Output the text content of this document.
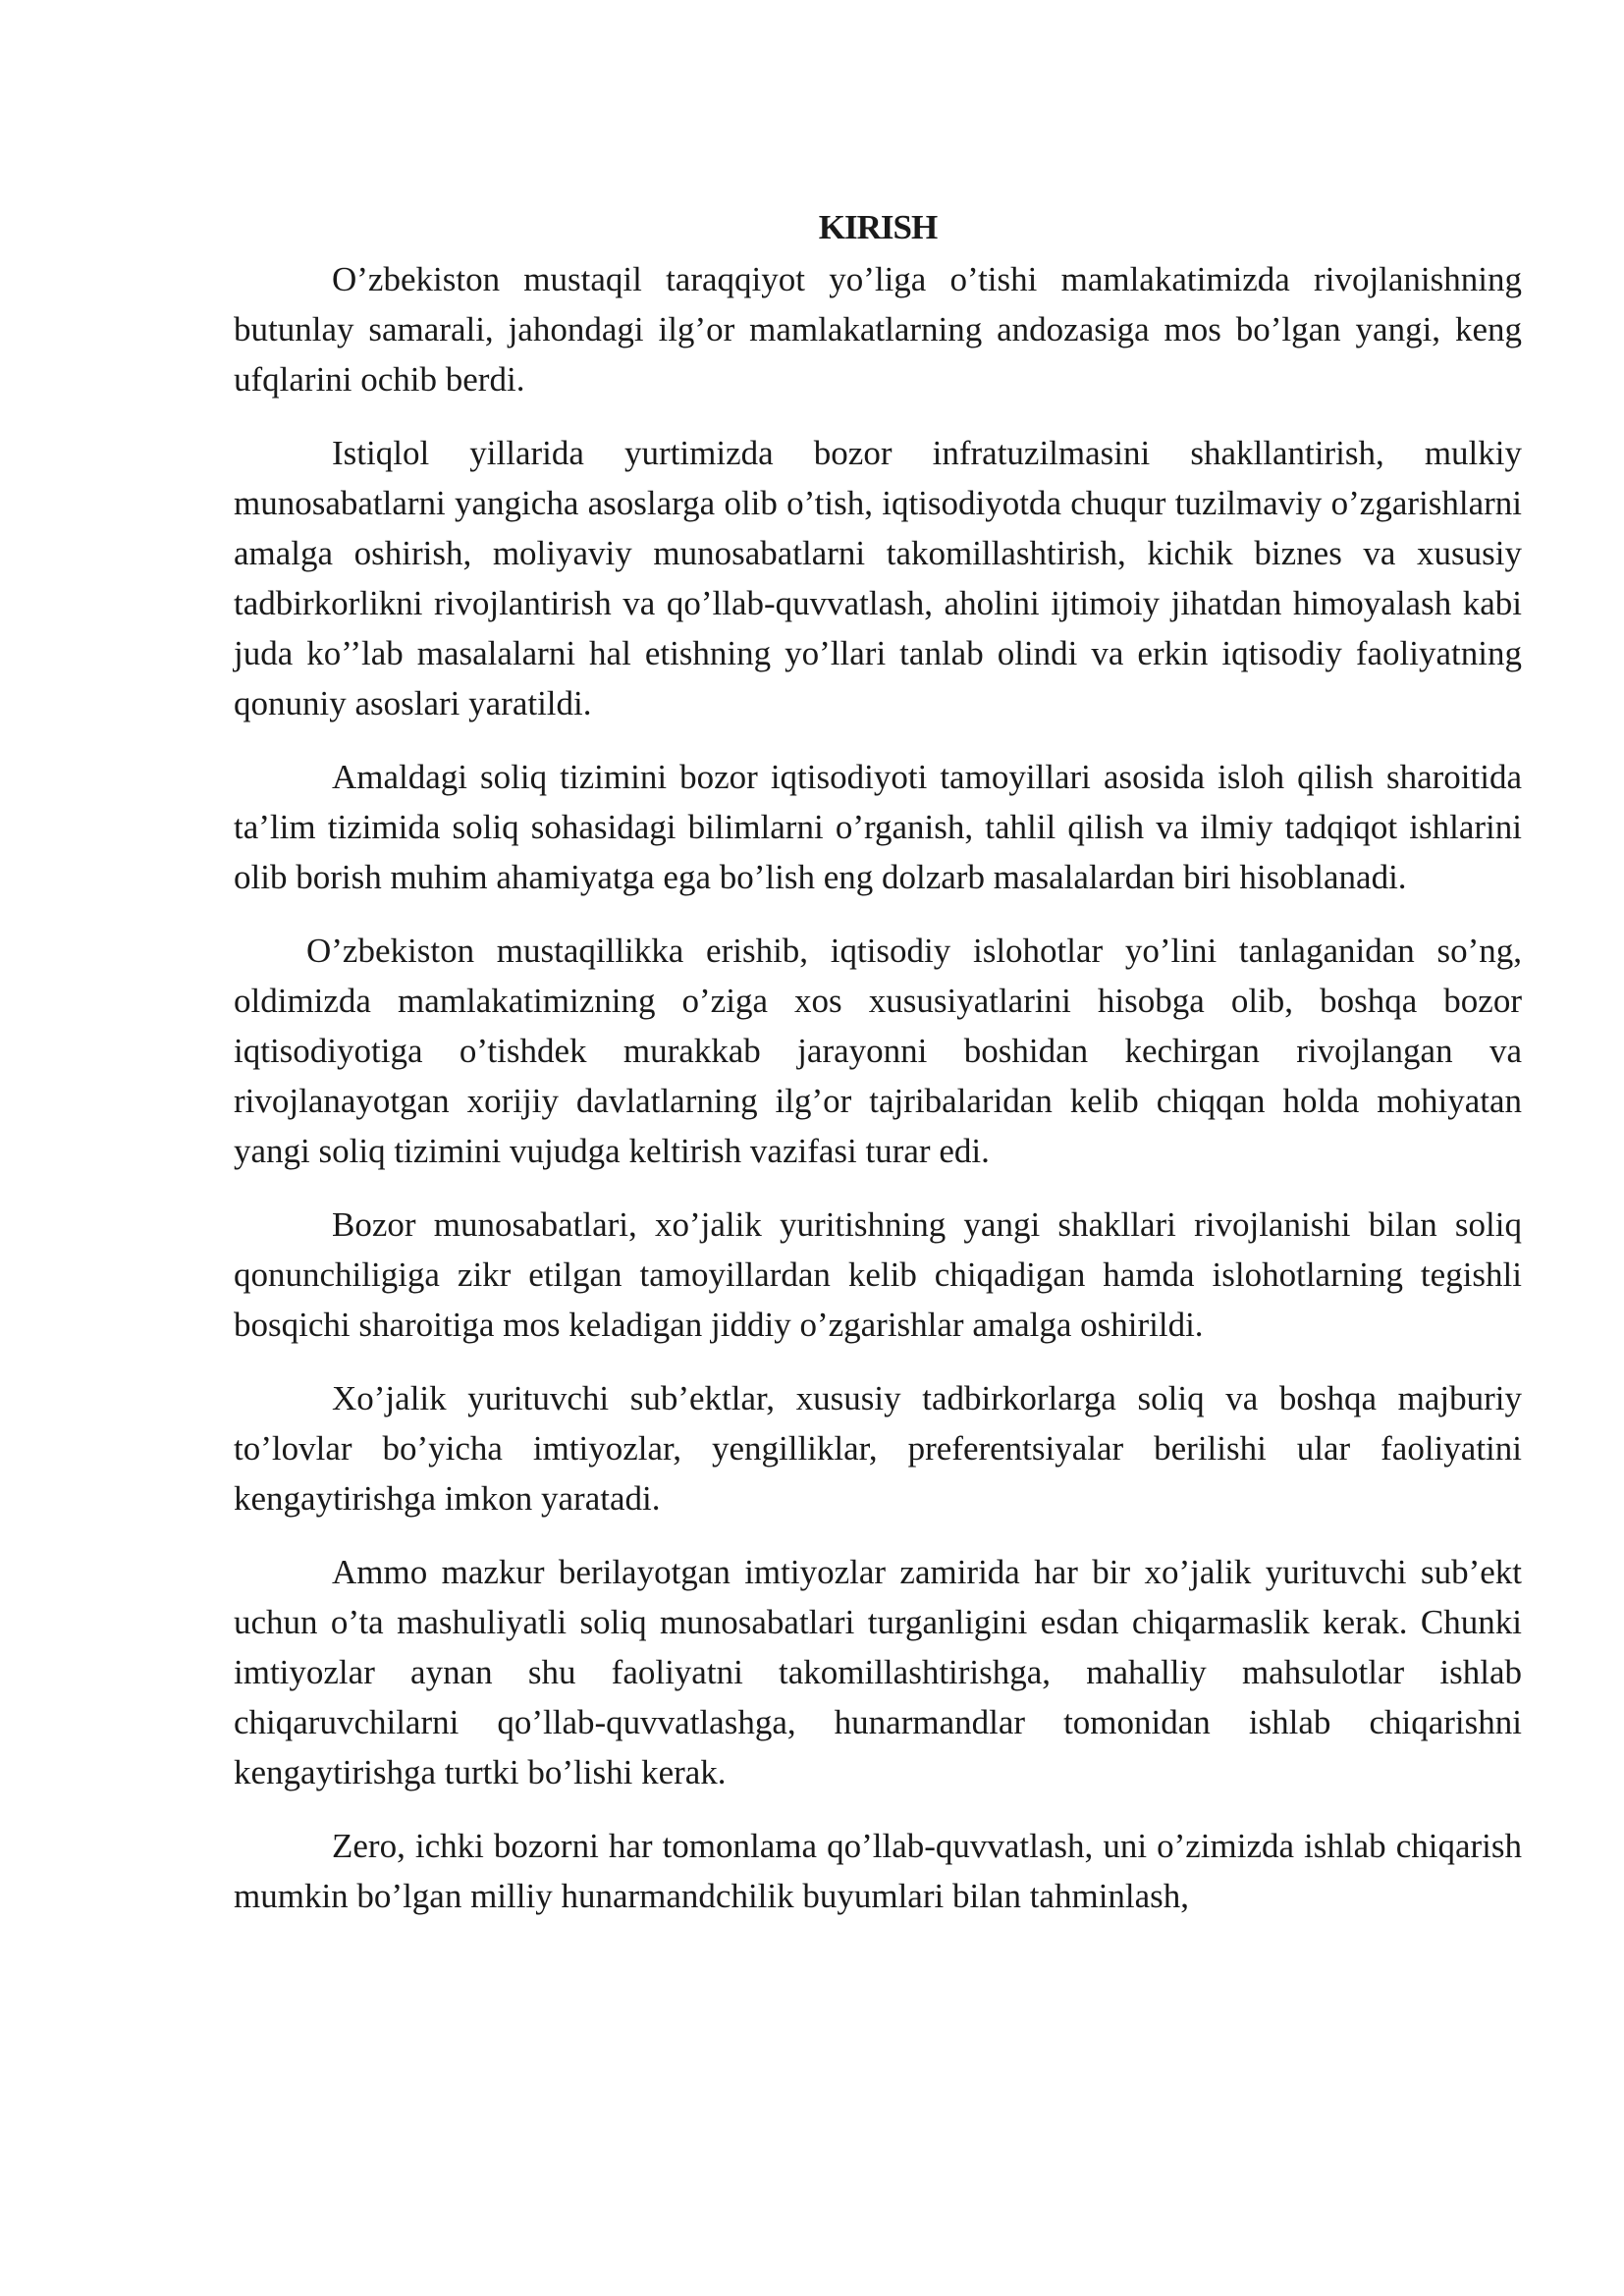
KIRISH

O’zbekiston mustaqil taraqqiyot yo’liga o’tishi mamlakatimizda rivojlanishning butunlay samarali, jahondagi ilg’or mamlakatlarning andozasiga mos bo’lgan yangi, keng ufqlarini ochib berdi.

Istiqlol yillarida yurtimizda bozor infratuzilmasini shakllantirish, mulkiy munosabatlarni yangicha asoslarga olib o’tish, iqtisodiyotda chuqur tuzilmaviy o’zgarishlarni amalga oshirish, moliyaviy munosabatlarni takomillashtirish, kichik biznes va xususiy tadbirkorlikni rivojlantirish va qo’llab-quvvatlash, aholini ijtimoiy jihatdan himoyalash kabi juda ko’’lab masalalarni hal etishning yo’llari tanlab olindi va erkin iqtisodiy faoliyatning qonuniy asoslari yaratildi.

Amaldagi soliq tizimini bozor iqtisodiyoti tamoyillari asosida isloh qilish sharoitida ta’lim tizimida soliq sohasidagi bilimlarni o’rganish, tahlil qilish va ilmiy tadqiqot ishlarini olib borish muhim ahamiyatga ega bo’lish eng dolzarb masalalardan biri hisoblanadi.

O’zbekiston mustaqillikka erishib, iqtisodiy islohotlar yo’lini tanlaganidan so’ng, oldimizda mamlakatimizning o’ziga xos xususiyatlarini hisobga olib, boshqa bozor iqtisodiyotiga o’tishdek murakkab jarayonni boshidan kechirgan rivojlangan va rivojlanayotgan xorijiy davlatlarning ilg’or tajribalaridan kelib chiqqan holda mohiyatan yangi soliq tizimini vujudga keltirish vazifasi turar edi.

Bozor munosabatlari, xo’jalik yuritishning yangi shakllari rivojlanishi bilan soliq qonunchiligiga zikr etilgan tamoyillardan kelib chiqadigan hamda islohotlarning tegishli bosqichi sharoitiga mos keladigan jiddiy o’zgarishlar amalga oshirildi.

Xo’jalik yurituvchi sub’ektlar, xususiy tadbirkorlarga soliq va boshqa majburiy to’lovlar bo’yicha imtiyozlar, yengilliklar, preferentsiyalar berilishi ular faoliyatini kengaytirishga imkon yaratadi.

Ammo mazkur berilayotgan imtiyozlar zamirida har bir xo’jalik yurituvchi sub’ekt uchun o’ta mashuliyatli soliq munosabatlari turganligini esdan chiqarmaslik kerak. Chunki imtiyozlar aynan shu faoliyatni takomillashtirishga, mahalliy mahsulotlar ishlab chiqaruvchilarni qo’llab-quvvatlashga, hunarmandlar tomonidan ishlab chiqarishni kengaytirishga turtki bo’lishi kerak.

Zero, ichki bozorni har tomonlama qo’llab-quvvatlash, uni o’zimizda ishlab chiqarish mumkin bo’lgan milliy hunarmandchilik buyumlari bilan tahminlash,
